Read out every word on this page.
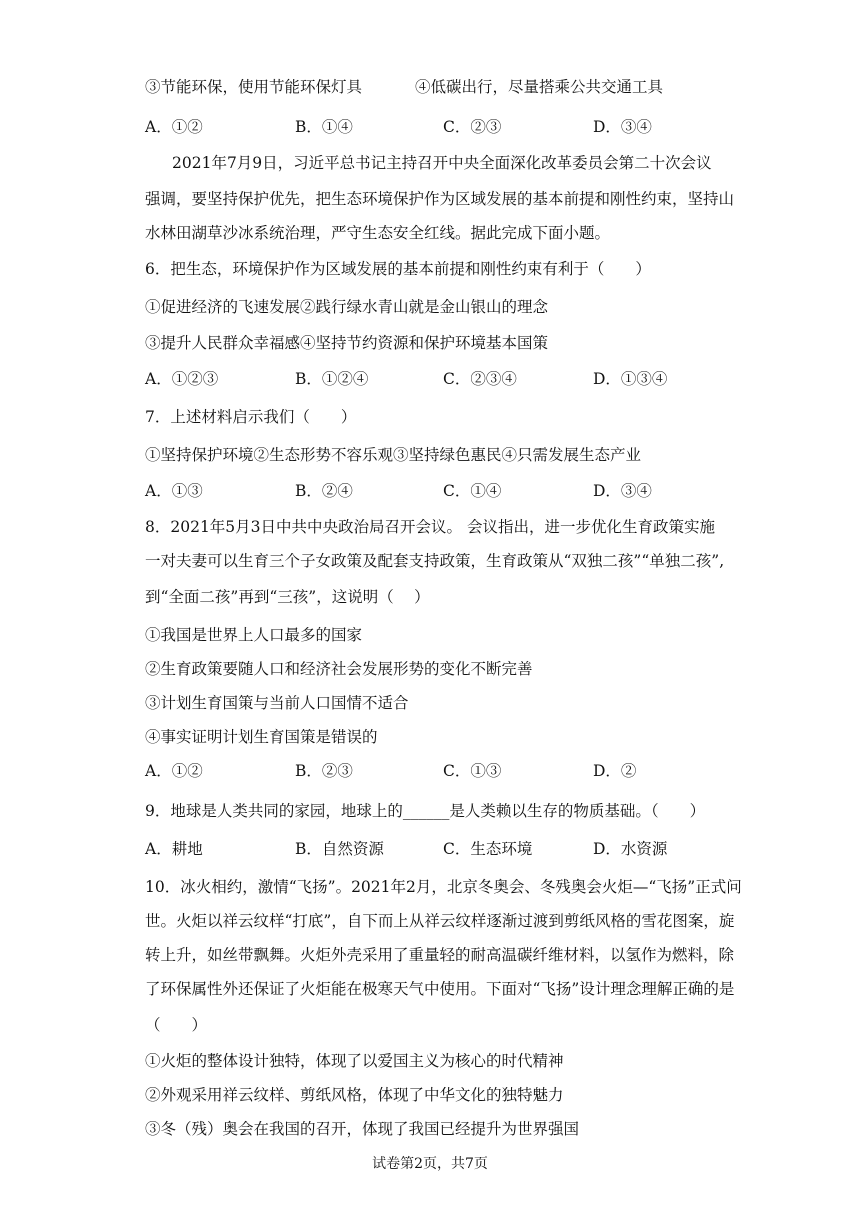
③节能环保，使用节能环保灯具	④低碳出行，尽量搭乘公共交通工具
A．①②	B．①④	C．②③	D．③④
2021年7月9日，习近平总书记主持召开中央全面深化改革委员会第二十次会议
强调，要坚持保护优先，把生态环境保护作为区域发展的基本前提和刚性约束，坚持山
水林田湖草沙冰系统治理，严守生态安全红线。据此完成下面小题。
6．把生态，环境保护作为区域发展的基本前提和刚性约束有利于（　　）
①促进经济的飞速发展②践行绿水青山就是金山银山的理念
③提升人民群众幸福感④坚持节约资源和保护环境基本国策
A．①②③	B．①②④	C．②③④	D．①③④
7．上述材料启示我们（　　）
①坚持保护环境②生态形势不容乐观③坚持绿色惠民④只需发展生态产业
A．①③	B．②④	C．①④	D．③④
8．2021年5月3日中共中央政治局召开会议。 会议指出，进一步优化生育政策实施
一对夫妻可以生育三个子女政策及配套支持政策，生育政策从“双独二孩”“单独二孩”,
到“全面二孩”再到“三孩”，这说明（　 ）
①我国是世界上人口最多的国家
②生育政策要随人口和经济社会发展形势的变化不断完善
③计划生育国策与当前人口国情不适合
④事实证明计划生育国策是错误的
A．①②	B．②③	C．①③	D．②
9．地球是人类共同的家园，地球上的______是人类赖以生存的物质基础。（　　）
A．耕地	B．自然资源	C．生态环境	D．水资源
10．冰火相约，激情“飞扬”。2021年2月，北京冬奥会、冬残奥会火炬—“飞扬”正式问
世。火炬以祥云纹样“打底”，自下而上从祥云纹样逐渐过渡到剪纸风格的雪花图案，旋
转上升，如丝带飘舞。火炬外壳采用了重量轻的耐高温碳纤维材料，以氢作为燃料，除
了环保属性外还保证了火炬能在极寒天气中使用。下面对“飞扬”设计理念理解正确的是
（　　）
①火炬的整体设计独特，体现了以爱国主义为核心的时代精神
②外观采用祥云纹样、剪纸风格，体现了中华文化的独特魅力
③冬（残）奥会在我国的召开，体现了我国已经提升为世界强国
试卷第2页，共7页
